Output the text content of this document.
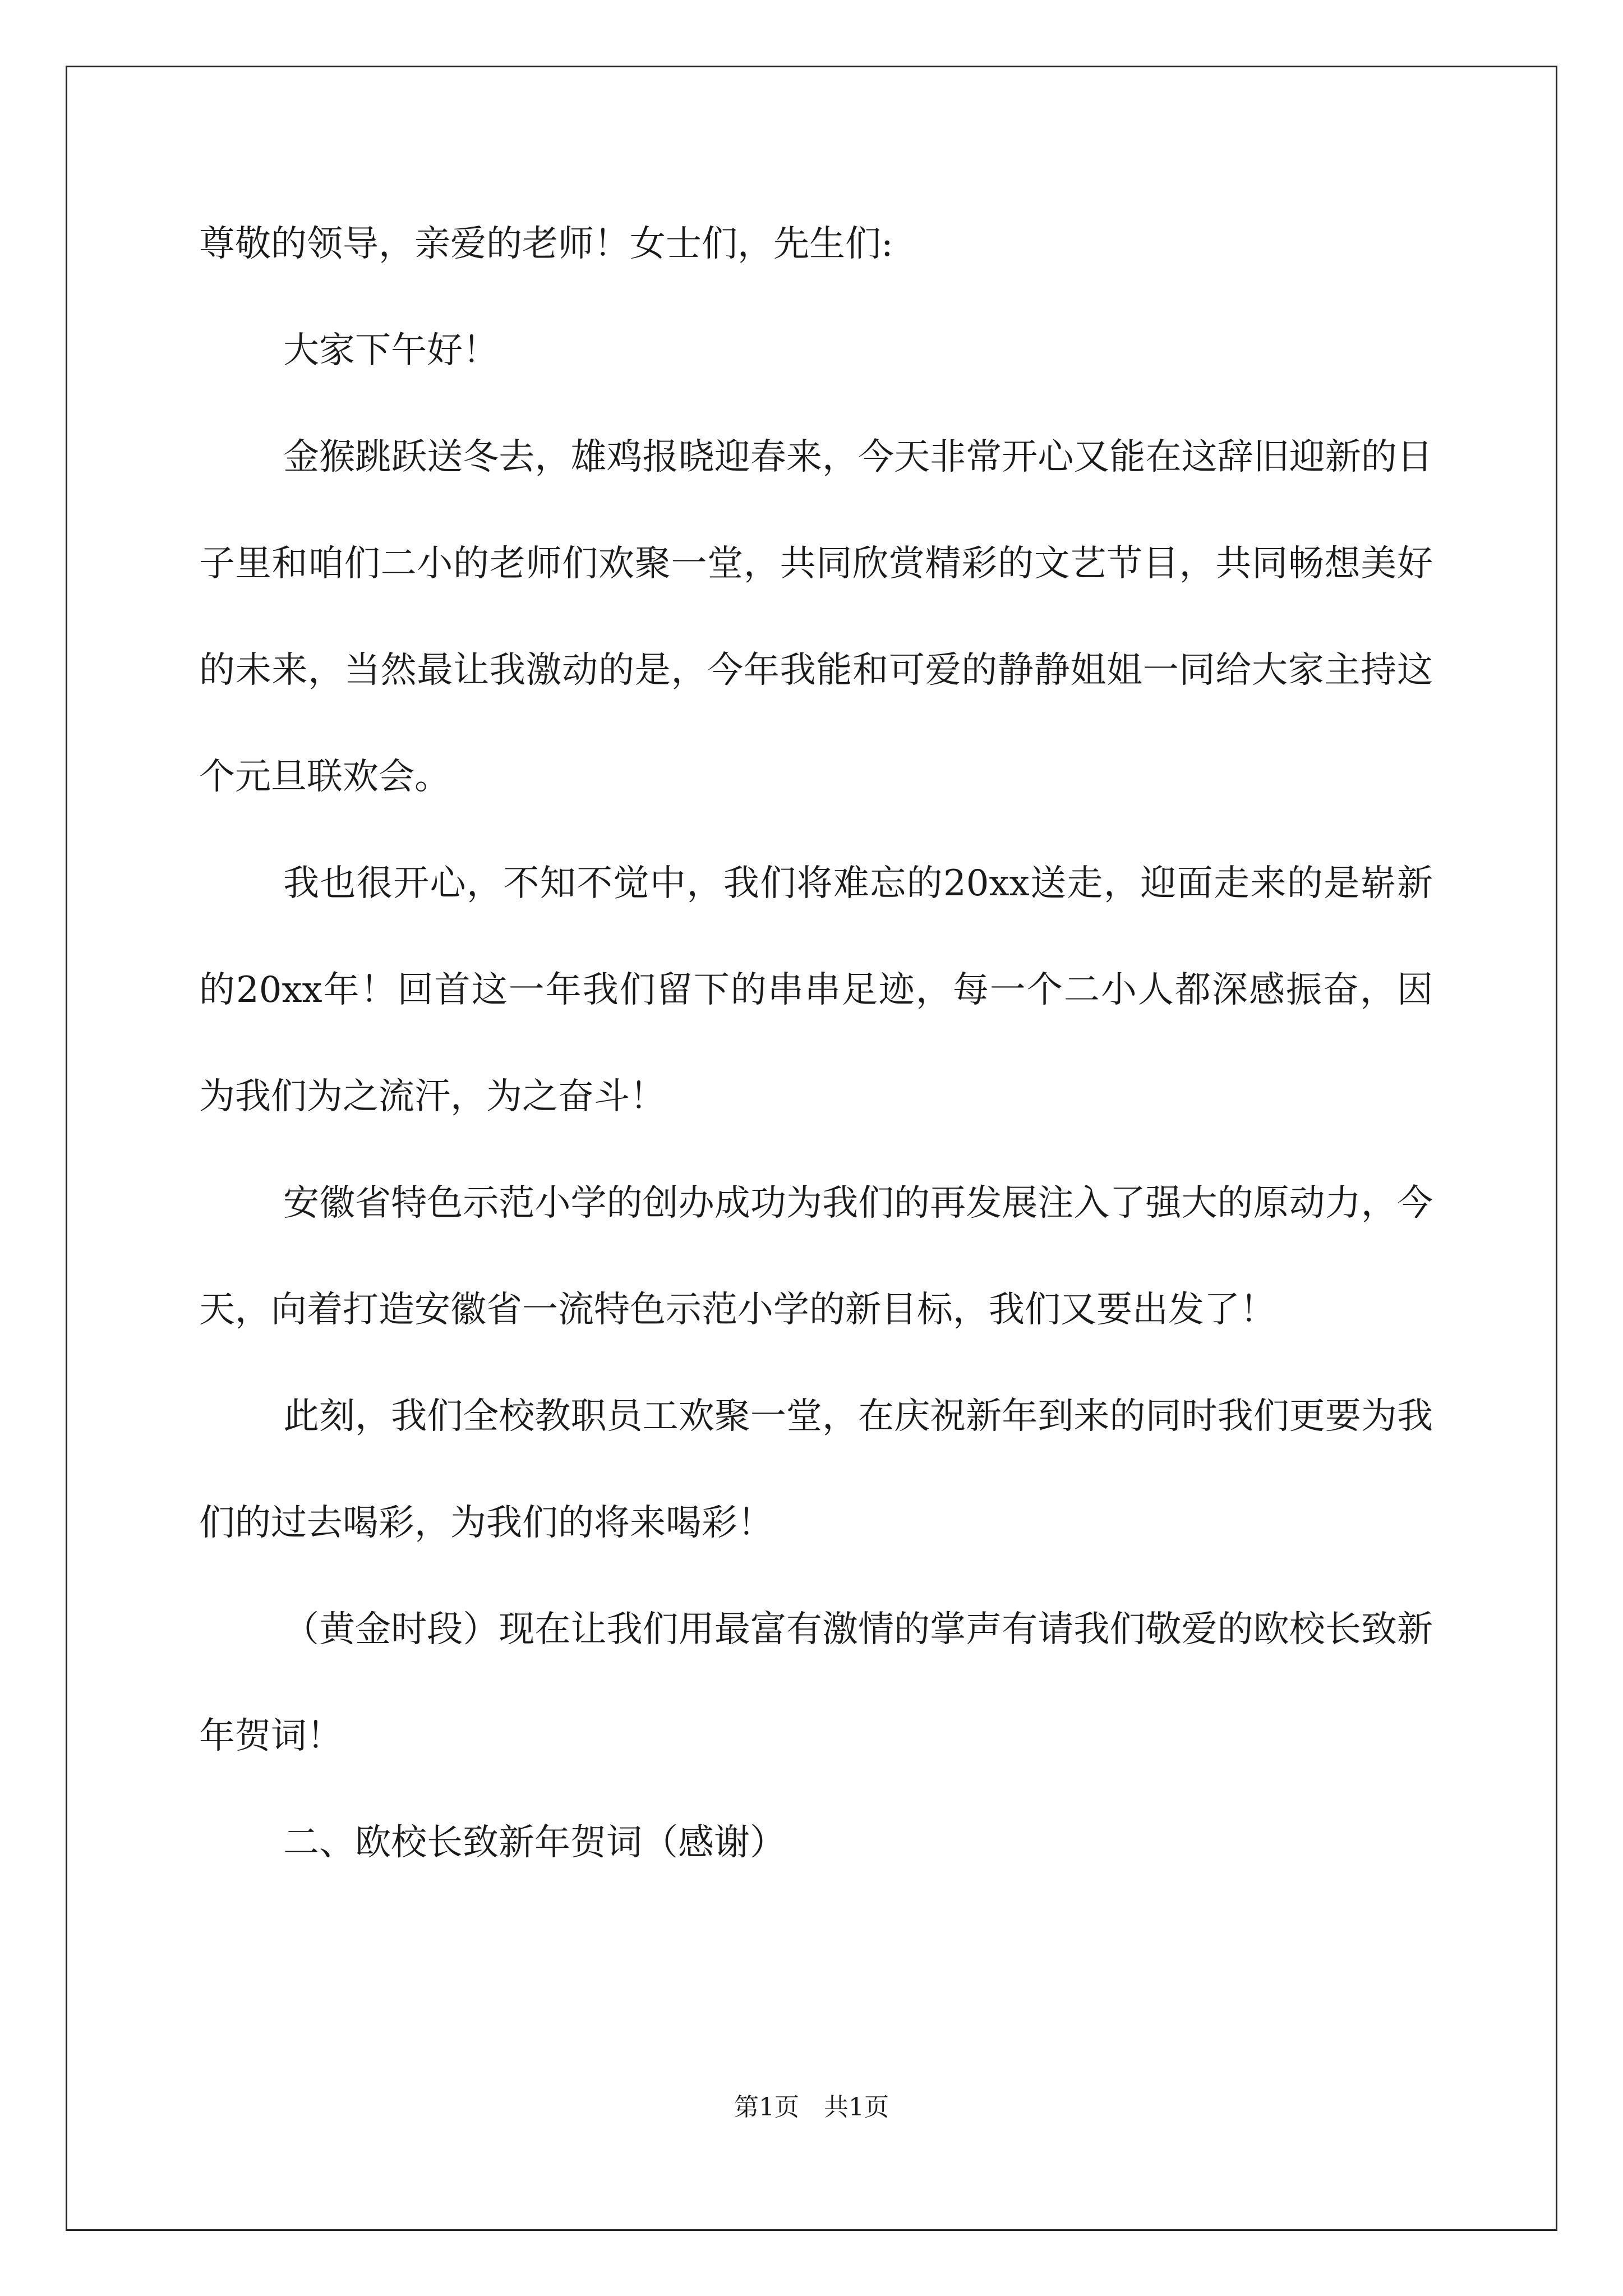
尊敬的领导，亲爱的老师！女士们，先生们:

大家下午好！

金猴跳跃送冬去，雄鸡报晓迎春来，今天非常开心又能在这辞旧迎新的日子里和咱们二小的老师们欢聚一堂，共同欣赏精彩的文艺节目，共同畅想美好的未来，当然最让我激动的是，今年我能和可爱的静静姐姐一同给大家主持这个元旦联欢会。

我也很开心，不知不觉中，我们将难忘的20xx送走，迎面走来的是崭新的20xx年！回首这一年我们留下的串串足迹，每一个二小人都深感振奋，因为我们为之流汗，为之奋斗！

安徽省特色示范小学的创办成功为我们的再发展注入了强大的原动力，今天，向着打造安徽省一流特色示范小学的新目标，我们又要出发了！

此刻，我们全校教职员工欢聚一堂，在庆祝新年到来的同时我们更要为我们的过去喝彩，为我们的将来喝彩！

（黄金时段）现在让我们用最富有激情的掌声有请我们敬爱的欧校长致新年贺词！

二、欧校长致新年贺词（感谢）

第1页　共1页
